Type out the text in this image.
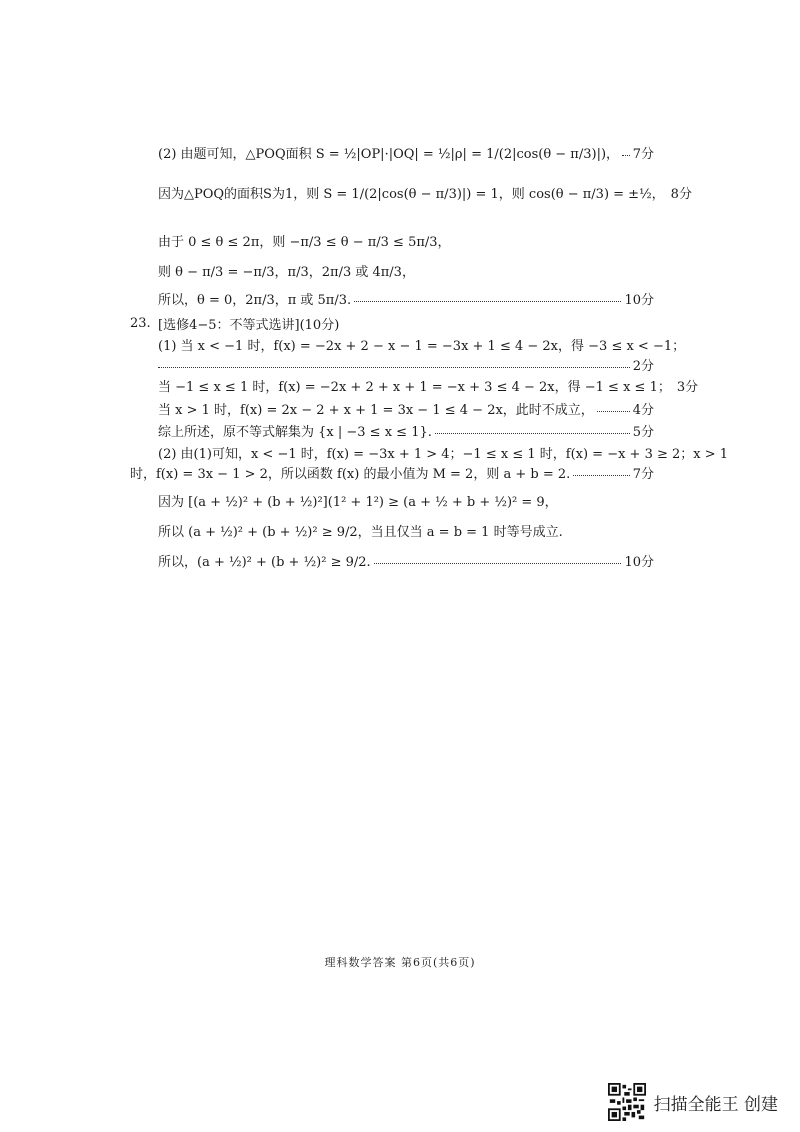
(2) 由题可知，△POQ面积 S = ½|OP|·|OQ| = ½|ρ| = 1/(2|cos(θ − π/3)|)， 7分
因为△POQ的面积S为1，则 S = 1/(2|cos(θ − π/3)|) = 1，则 cos(θ − π/3) = ±½， 8分
由于 0 ≤ θ ≤ 2π，则 −π/3 ≤ θ − π/3 ≤ 5π/3，
则 θ − π/3 = −π/3，π/3，2π/3 或 4π/3，
所以，θ = 0，2π/3，π 或 5π/3.	10分
23. [选修4−5：不等式选讲](10分)
(1) 当 x < −1 时，f(x) = −2x + 2 − x − 1 = −3x + 1 ≤ 4 − 2x，得 −3 ≤ x < −1；
2分
当 −1 ≤ x ≤ 1 时，f(x) = −2x + 2 + x + 1 = −x + 3 ≤ 4 − 2x，得 −1 ≤ x ≤ 1； 3分
当 x > 1 时，f(x) = 2x − 2 + x + 1 = 3x − 1 ≤ 4 − 2x，此时不成立，	4分
综上所述，原不等式解集为 {x | −3 ≤ x ≤ 1}.	5分
(2) 由(1)可知，x < −1 时，f(x) = −3x + 1 > 4；−1 ≤ x ≤ 1 时，f(x) = −x + 3 ≥ 2；x > 1
时，f(x) = 3x − 1 > 2，所以函数 f(x) 的最小值为 M = 2，则 a + b = 2.	7分
因为 [(a + ½)² + (b + ½)²](1² + 1²) ≥ (a + ½ + b + ½)² = 9，
所以 (a + ½)² + (b + ½)² ≥ 9/2，当且仅当 a = b = 1 时等号成立.
所以，(a + ½)² + (b + ½)² ≥ 9/2.	10分
理科数学答案 第6页(共6页)
扫描全能王 创建
